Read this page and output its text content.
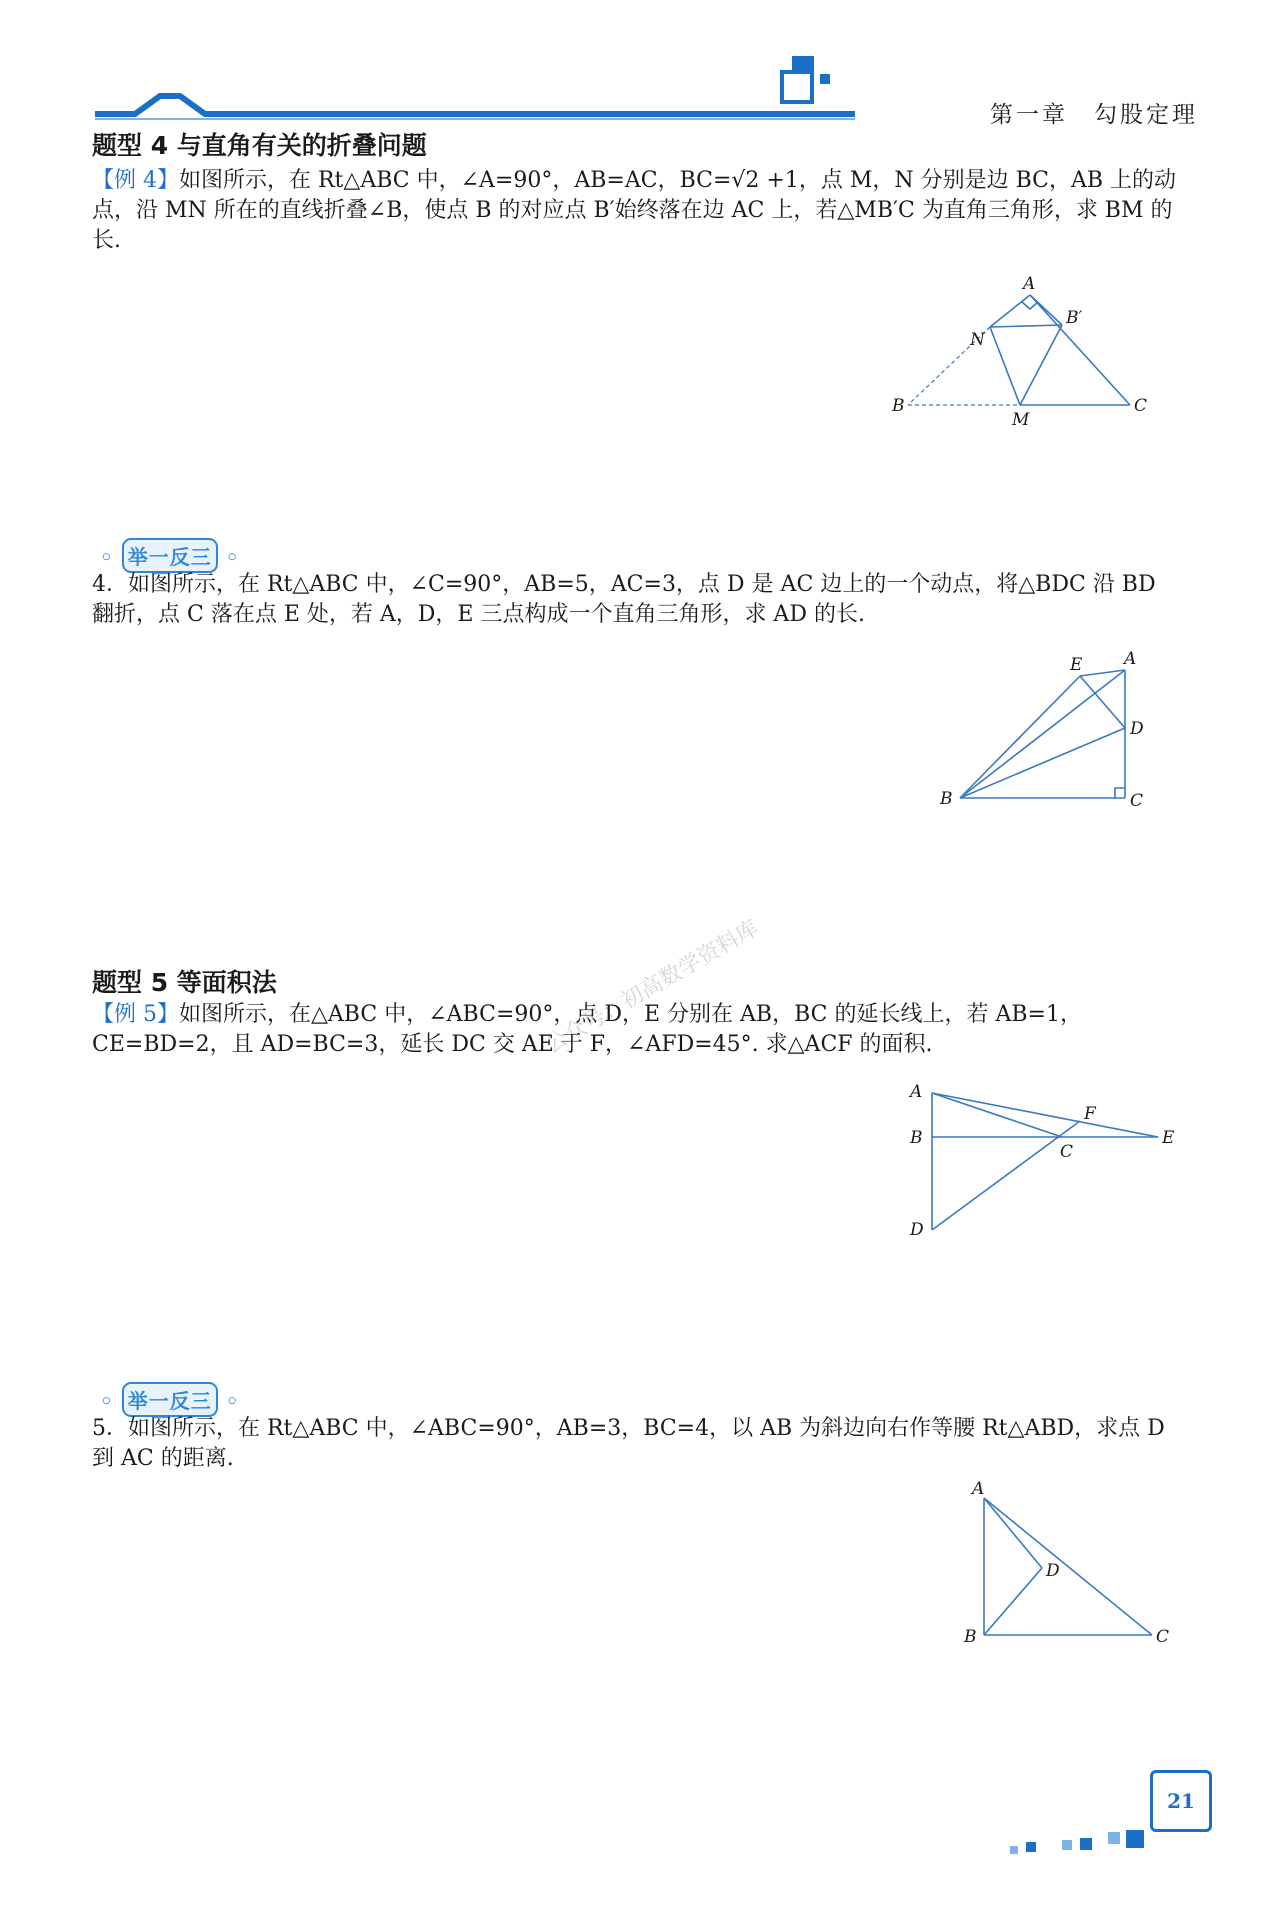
第一章　勾股定理
题型 4 与直角有关的折叠问题

【例 4】如图所示，在 Rt△ABC 中，∠A=90°，AB=AC，BC=√2 +1，点 M，N 分别是边 BC，AB 上的动点，沿 MN 所在的直线折叠∠B，使点 B 的对应点 B′始终落在边 AC 上，若△MB′C 为直角三角形，求 BM 的长.

A
B′
N
B
M
C
◦ 举一反三 ◦

4．如图所示，在 Rt△ABC 中，∠C=90°，AB=5，AC=3，点 D 是 AC 边上的一个动点，将△BDC 沿 BD 翻折，点 C 落在点 E 处，若 A，D，E 三点构成一个直角三角形，求 AD 的长.

E A
D
B	C
公众号：初高数学资料库
题型 5 等面积法

【例 5】如图所示，在△ABC 中，∠ABC=90°，点 D，E 分别在 AB，BC 的延长线上，若 AB=1，CE=BD=2，且 AD=BC=3，延长 DC 交 AE 于 F，∠AFD=45°. 求△ACF 的面积.

A
F
B
C
E
D
◦ 举一反三 ◦

5．如图所示，在 Rt△ABC 中，∠ABC=90°，AB=3，BC=4，以 AB 为斜边向右作等腰 Rt△ABD，求点 D 到 AC 的距离.

A
D
B	C
21
